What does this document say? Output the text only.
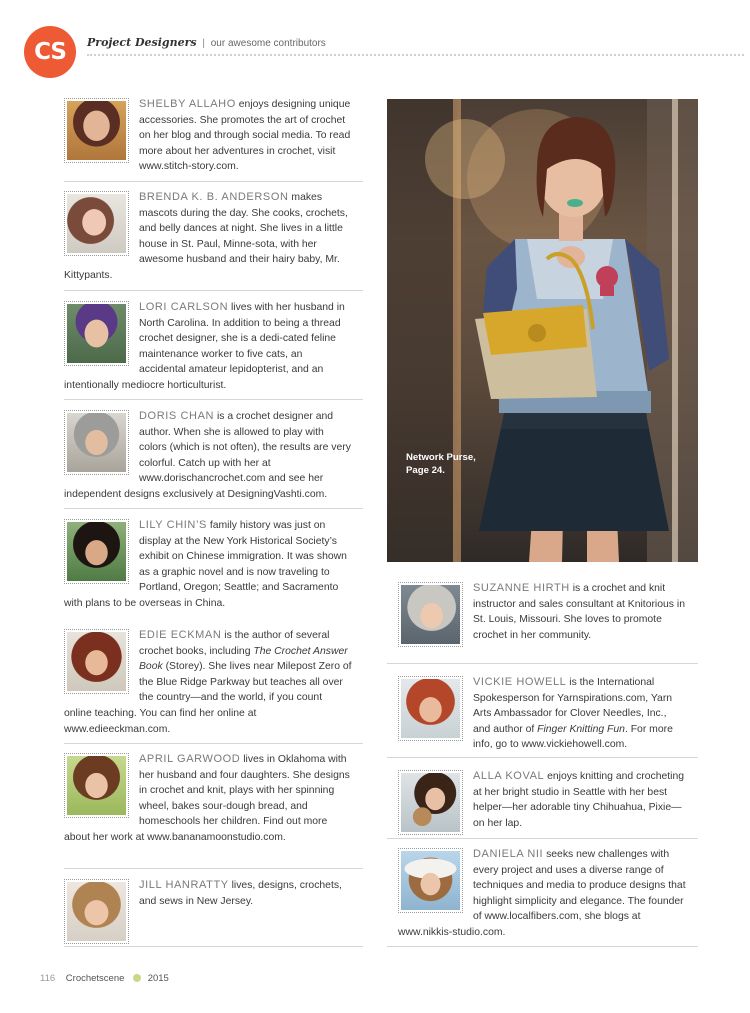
CS	Project Designers | our awesome contributors
SHELBY ALLAHO enjoys designing unique accessories. She promotes the art of crochet on her blog and through social media. To read more about her adventures in crochet, visit www.stitch-story.com.
BRENDA K. B. ANDERSON makes mascots during the day. She cooks, crochets, and belly dances at night. She lives in a little house in St. Paul, Minne-sota, with her awesome husband and their hairy baby, Mr. Kittypants.
LORI CARLSON lives with her husband in North Carolina. In addition to being a thread crochet designer, she is a dedi-cated feline maintenance worker to five cats, an accidental amateur lepidopterist, and an intentionally mediocre horticulturist.
DORIS CHAN is a crochet designer and author. When she is allowed to play with colors (which is not often), the results are very colorful. Catch up with her at www.dorischancrochet.com and see her independent designs exclusively at DesigningVashti.com.
LILY CHIN’S family history was just on display at the New York Historical Society’s exhibit on Chinese immigration. It was shown as a graphic novel and is now traveling to Portland, Oregon; Seattle; and Sacramento with plans to be overseas in China.
EDIE ECKMAN is the author of several crochet books, including The Crochet Answer Book (Storey). She lives near Milepost Zero of the Blue Ridge Parkway but teaches all over the country—and the world, if you count online teaching. You can find her online at www.edieeckman.com.
APRIL GARWOOD lives in Oklahoma with her husband and four daughters. She designs in crochet and knit, plays with her spinning wheel, bakes sour-dough bread, and homeschools her children. Find out more about her work at www.bananamoonstudio.com.
JILL HANRATTY lives, designs, crochets, and sews in New Jersey.
Network Purse,
Page 24.
SUZANNE HIRTH is a crochet and knit instructor and sales consultant at Knitorious in St. Louis, Missouri. She loves to promote crochet in her community.
VICKIE HOWELL is the International Spokesperson for Yarnspirations.com, Yarn Arts Ambassador for Clover Needles, Inc., and author of Finger Knitting Fun. For more info, go to www.vickiehowell.com.
ALLA KOVAL enjoys knitting and crocheting at her bright studio in Seattle with her best helper—her adorable tiny Chihuahua, Pixie—on her lap.
DANIELA NII seeks new challenges with every project and uses a diverse range of techniques and media to produce designs that highlight simplicity and elegance. The founder of www.localfibers.com, she blogs at www.nikkis-studio.com.
116 Crochetscene 2015
